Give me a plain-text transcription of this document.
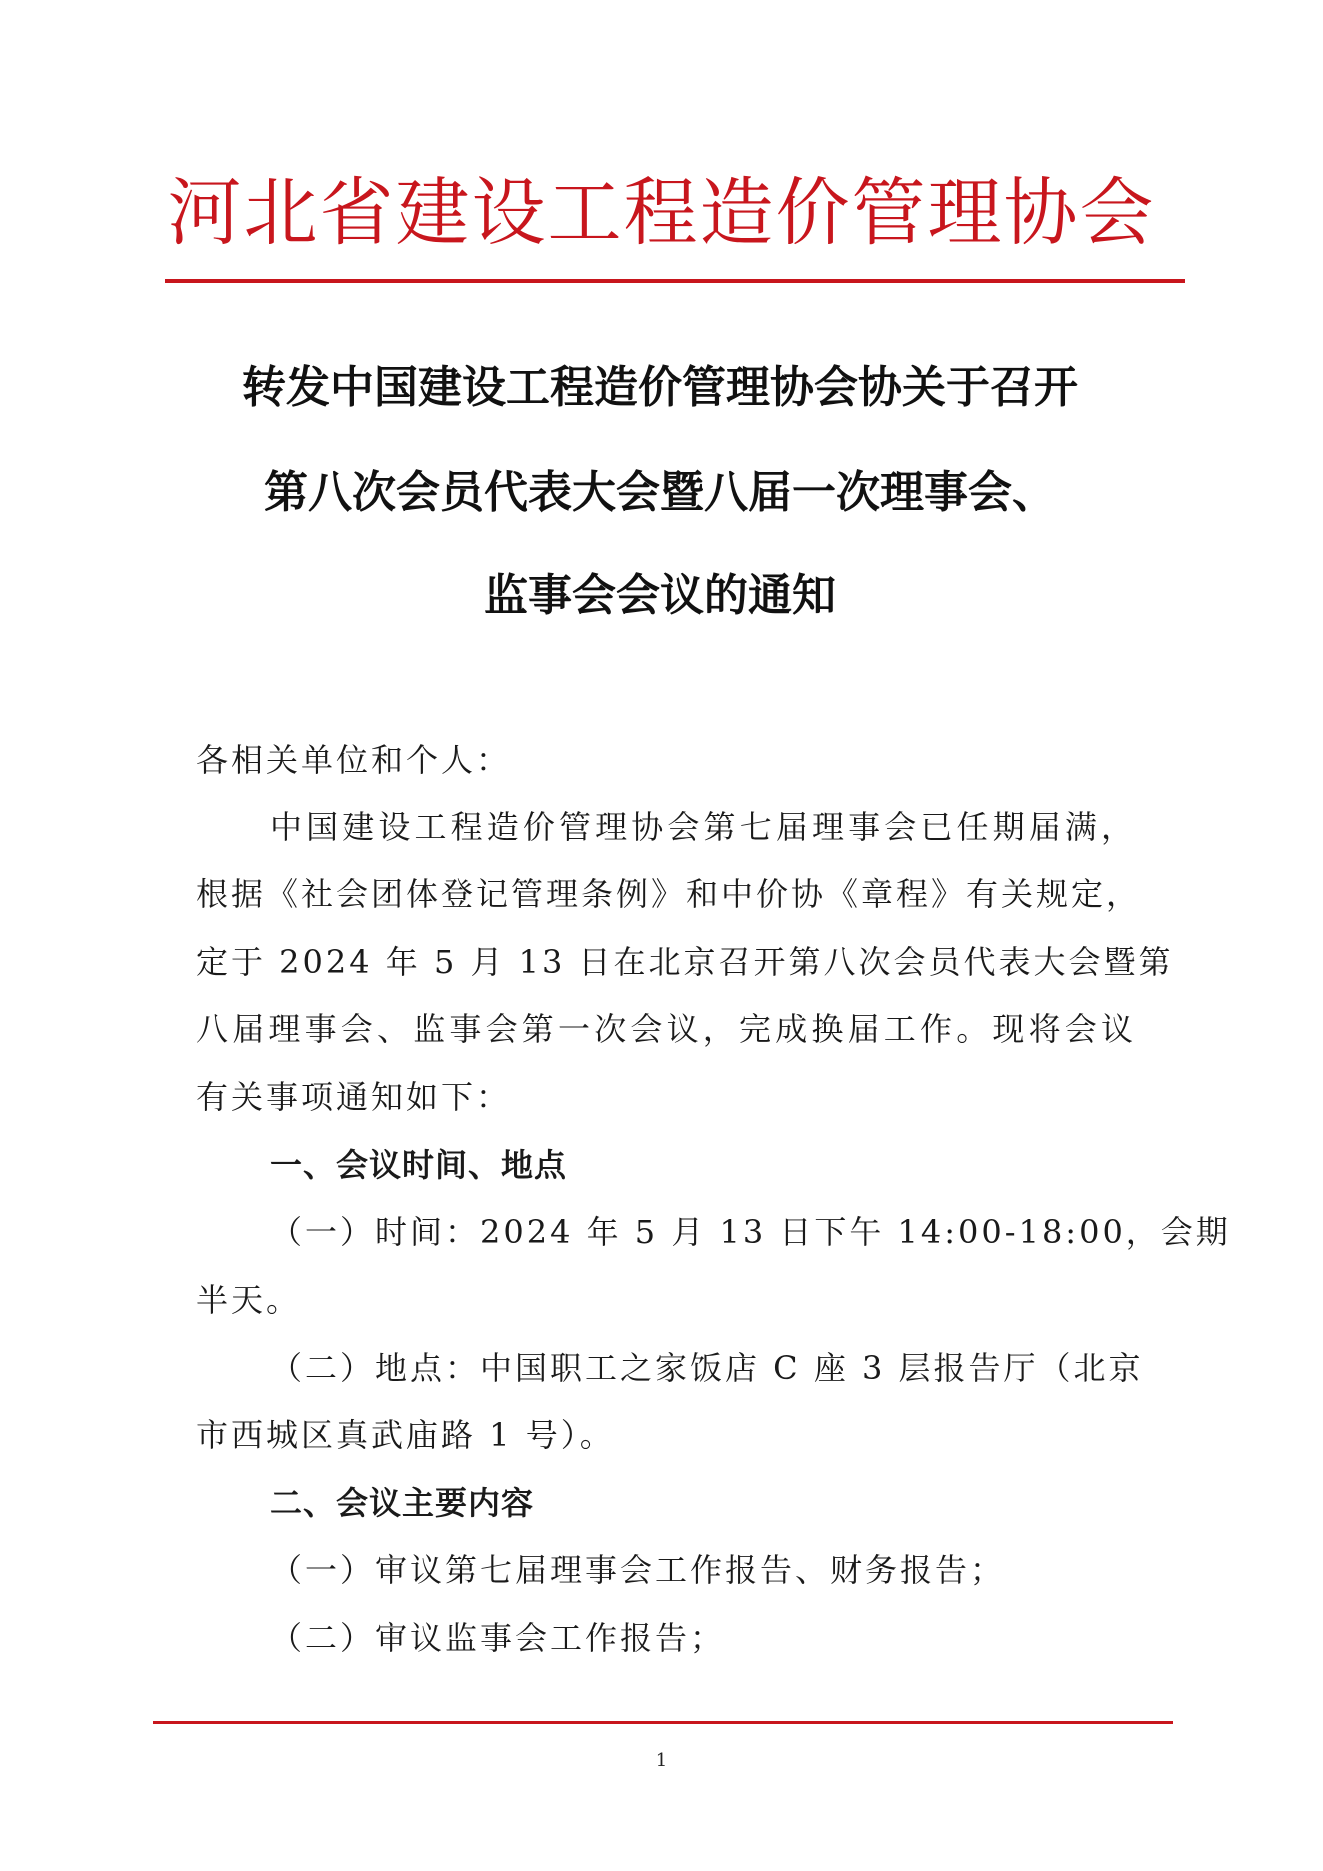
河北省建设工程造价管理协会
转发中国建设工程造价管理协会协关于召开
第八次会员代表大会暨八届一次理事会、
监事会会议的通知
各相关单位和个人：
中国建设工程造价管理协会第七届理事会已任期届满，
根据《社会团体登记管理条例》和中价协《章程》有关规定，
定于 2024 年 5 月 13 日在北京召开第八次会员代表大会暨第
八届理事会、监事会第一次会议，完成换届工作。现将会议
有关事项通知如下：
一、会议时间、地点
（一）时间：2024 年 5 月 13 日下午 14:00-18:00，会期
半天。
（二）地点：中国职工之家饭店 C 座 3 层报告厅（北京
市西城区真武庙路 1 号）。
二、会议主要内容
（一）审议第七届理事会工作报告、财务报告；
（二）审议监事会工作报告；
1
